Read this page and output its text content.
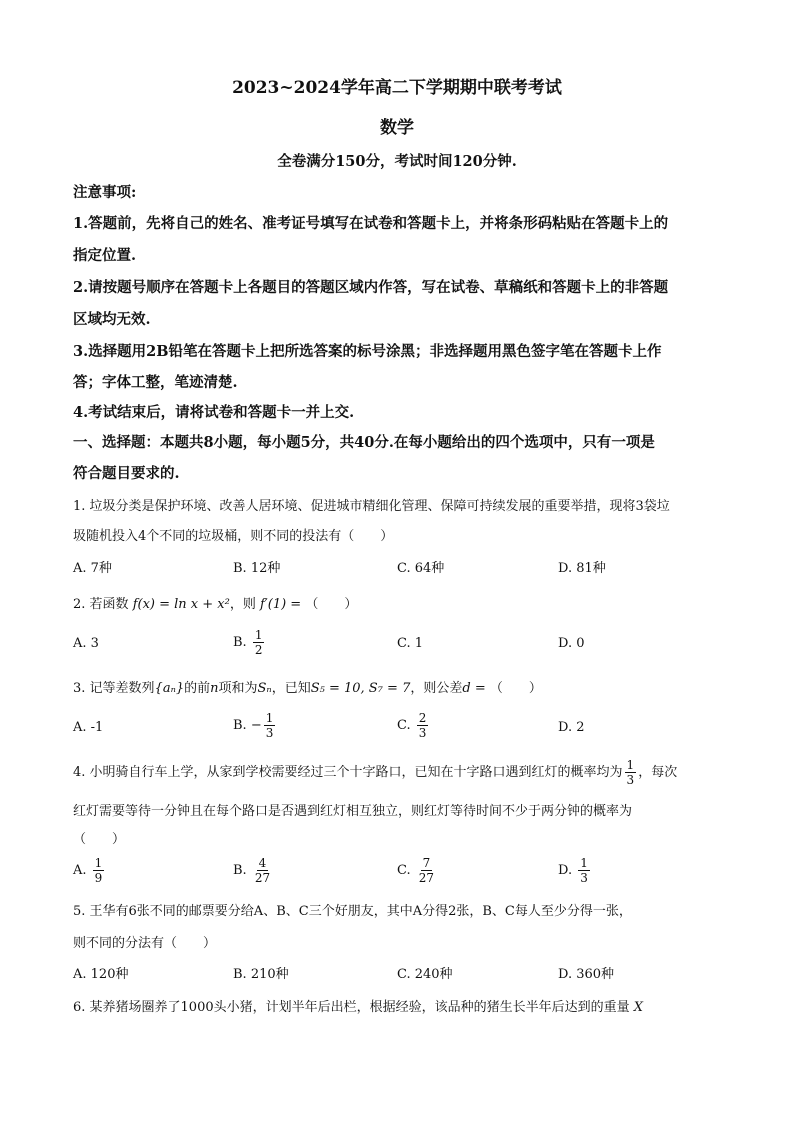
2023~2024学年高二下学期期中联考考试
数学
全卷满分150分，考试时间120分钟.
注意事项:
1.答题前，先将自己的姓名、准考证号填写在试卷和答题卡上，并将条形码粘贴在答题卡上的
指定位置.
2.请按题号顺序在答题卡上各题目的答题区域内作答，写在试卷、草稿纸和答题卡上的非答题
区域均无效.
3.选择题用2B铅笔在答题卡上把所选答案的标号涂黑；非选择题用黑色签字笔在答题卡上作
答；字体工整，笔迹清楚.
4.考试结束后，请将试卷和答题卡一并上交.
一、选择题：本题共8小题，每小题5分，共40分.在每小题给出的四个选项中，只有一项是
符合题目要求的.
1. 垃圾分类是保护环境、改善人居环境、促进城市精细化管理、保障可持续发展的重要举措，现将3袋垃
圾随机投入4个不同的垃圾桶，则不同的投法有（　　）
A. 7种	B. 12种	C. 64种	D. 81种
2. 若函数 f(x) = ln x + x²，则 f′(1) = （　　）
A. 3	B. $\frac{1}{2}$	C. 1	D. 0
3. 记等差数列{aₙ}的前n项和为Sₙ，已知S₅ = 10, S₇ = 7，则公差d = （　　）
A. -1	B. − $\frac{1}{3}$	C. $\frac{2}{3}$	D. 2
4. 小明骑自行车上学，从家到学校需要经过三个十字路口，已知在十字路口遇到红灯的概率均为 $\frac{1}{3}$ ，每次
红灯需要等待一分钟且在每个路口是否遇到红灯相互独立，则红灯等待时间不少于两分钟的概率为
（　　）
A. $\frac{1}{9}$	B. $\frac{4}{27}$	C. $\frac{7}{27}$	D. $\frac{1}{3}$
5. 王华有6张不同的邮票要分给A、B、C三个好朋友，其中A分得2张，B、C每人至少分得一张，
则不同的分法有（　　）
A. 120种	B. 210种	C. 240种	D. 360种
6. 某养猪场圈养了1000头小猪，计划半年后出栏，根据经验，该品种的猪生长半年后达到的重量 X
